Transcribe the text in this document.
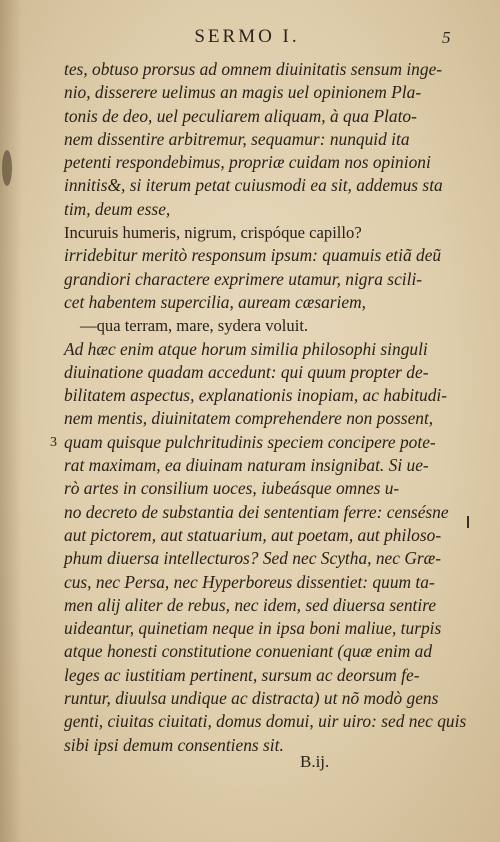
SERMO I.	5
tes, obtuso prorsus ad omnem diuinitatis sensum inge-
nio, disserere uelimus an magis uel opinionem Pla-
tonis de deo, uel peculiarem aliquam, à qua Plato-
nem dissentire arbitremur, sequamur: nunquid ita
petenti respondebimus, propriæ cuidam nos opinioni
innitis&, si iterum petat cuiusmodi ea sit, addemus sta
tim, deum esse,
Incuruis humeris, nigrum, crispóque capillo?
irridebitur meritò responsum ipsum: quamuis etiã deũ
grandiori charactere exprimere utamur, nigra scili-
cet habentem supercilia, auream cæsariem,
—qua terram, mare, sydera voluit.
Ad hæc enim atque horum similia philosophi singuli
diuinatione quadam accedunt: qui quum propter de-
bilitatem aspectus, explanationis inopiam, ac habitudi-
nem mentis, diuinitatem comprehendere non possent,
3 quam quisque pulchritudinis speciem concipere pote-
rat maximam, ea diuinam naturam insignibat. Si ue-
rò artes in consilium uoces, iubeásque omnes u-
no decreto de substantia dei sententiam ferre: censésne
aut pictorem, aut statuarium, aut poetam, aut philoso-
phum diuersa intellecturos? Sed nec Scytha, nec Græ-
cus, nec Persa, nec Hyperboreus dissentiet: quum ta-
men alij aliter de rebus, nec idem, sed diuersa sentire
uideantur, quinetiam neque in ipsa boni maliue, turpis
atque honesti constitutione conueniant (quæ enim ad
leges ac iustitiam pertinent, sursum ac deorsum fe-
runtur, diuulsa undique ac distracta) ut nõ modò gens
genti, ciuitas ciuitati, domus domui, uir uiro: sed nec quis
sibi ipsi demum consentiens sit.
B.ij.
